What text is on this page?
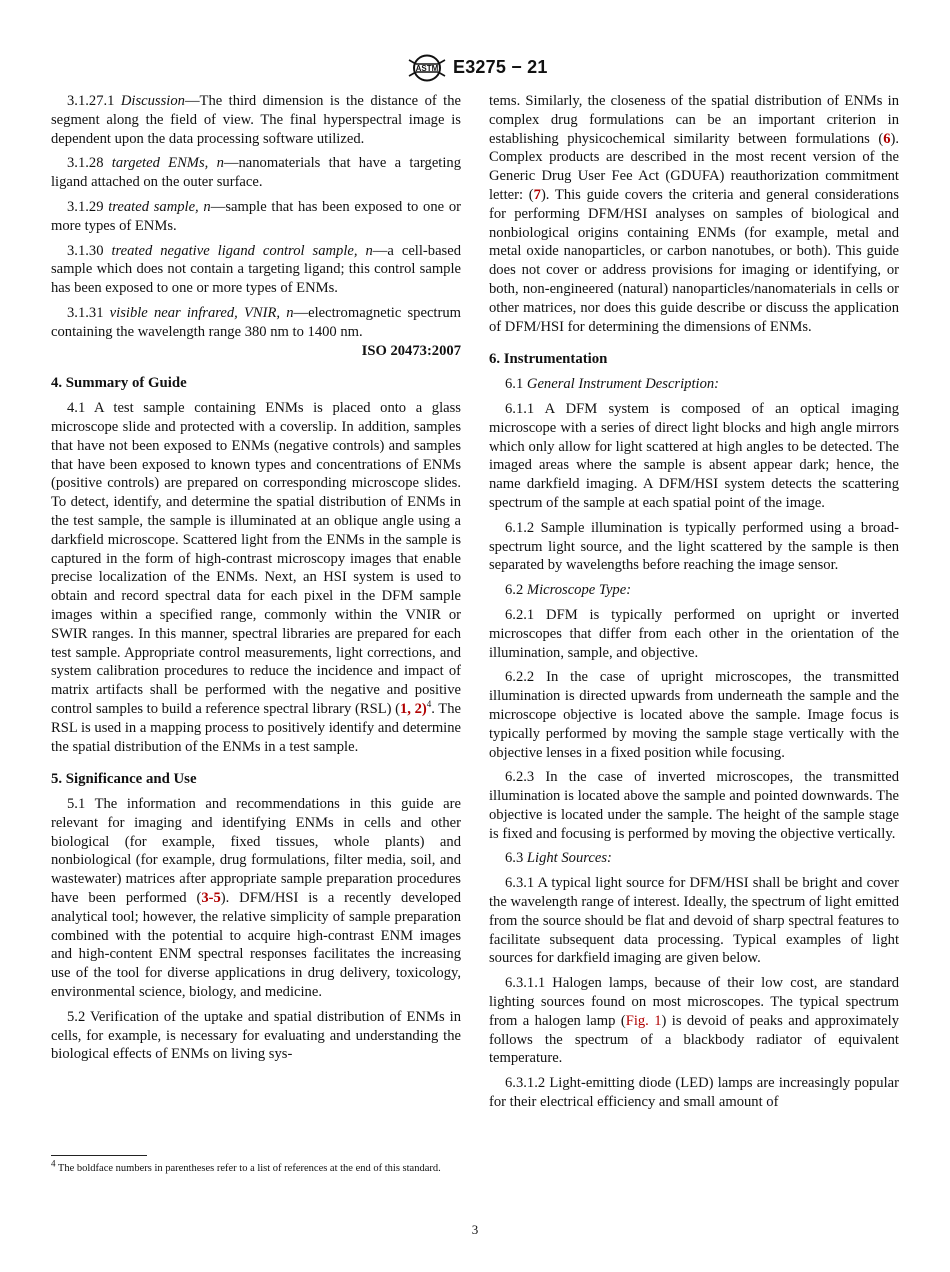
ASTM E3275 − 21

3.1.27.1 Discussion—The third dimension is the distance of the segment along the field of view. The final hyperspectral image is dependent upon the data processing software utilized.

3.1.28 targeted ENMs, n—nanomaterials that have a targeting ligand attached on the outer surface.

3.1.29 treated sample, n—sample that has been exposed to one or more types of ENMs.

3.1.30 treated negative ligand control sample, n—a cell-based sample which does not contain a targeting ligand; this control sample has been exposed to one or more types of ENMs.

3.1.31 visible near infrared, VNIR, n—electromagnetic spectrum containing the wavelength range 380 nm to 1400 nm.

ISO 20473:2007
4. Summary of Guide

4.1 A test sample containing ENMs is placed onto a glass microscope slide and protected with a coverslip. In addition, samples that have not been exposed to ENMs (negative controls) and samples that have been exposed to known types and concentrations of ENMs (positive controls) are prepared on corresponding microscope slides. To detect, identify, and determine the spatial distribution of ENMs in the test sample, the sample is illuminated at an oblique angle using a darkfield microscope. Scattered light from the ENMs in the sample is captured in the form of high-contrast microscopy images that enable precise localization of the ENMs. Next, an HSI system is used to obtain and record spectral data for each pixel in the DFM sample images within a specified range, commonly within the VNIR or SWIR ranges. In this manner, spectral libraries are prepared for each test sample. Appropriate control measurements, light corrections, and system calibration procedures to reduce the incidence and impact of matrix artifacts shall be performed with the negative and positive control samples to build a reference spectral library (RSL) (1, 2)$^4$. The RSL is used in a mapping process to positively identify and determine the spatial distribution of the ENMs in a test sample.

5. Significance and Use

5.1 The information and recommendations in this guide are relevant for imaging and identifying ENMs in cells and other biological (for example, fixed tissues, whole plants) and nonbiological (for example, drug formulations, filter media, soil, and wastewater) matrices after appropriate sample preparation procedures have been performed (3-5). DFM/HSI is a recently developed analytical tool; however, the relative simplicity of sample preparation combined with the potential to acquire high-contrast ENM images and high-content ENM spectral responses facilitates the increasing use of the tool for diverse applications in drug delivery, toxicology, environmental science, biology, and medicine.

5.2 Verification of the uptake and spatial distribution of ENMs in cells, for example, is necessary for evaluating and understanding the biological effects of ENMs on living sys-

tems. Similarly, the closeness of the spatial distribution of ENMs in complex drug formulations can be an important criterion in establishing physicochemical similarity between formulations (6). Complex products are described in the most recent version of the Generic Drug User Fee Act (GDUFA) reauthorization commitment letter: (7). This guide covers the criteria and general considerations for performing DFM/HSI analyses on samples of biological and nonbiological origins containing ENMs (for example, metal and metal oxide nanoparticles, or carbon nanotubes, or both). This guide does not cover or address provisions for imaging or identifying, or both, non-engineered (natural) nanoparticles/nanomaterials in cells or other matrices, nor does this guide describe or discuss the application of DFM/HSI for determining the dimensions of ENMs.

6. Instrumentation

6.1 General Instrument Description:

6.1.1 A DFM system is composed of an optical imaging microscope with a series of direct light blocks and high angle mirrors which only allow for light scattered at high angles to be detected. The imaged areas where the sample is absent appear dark; hence, the name darkfield imaging. A DFM/HSI system detects the scattering spectrum of the sample at each spatial point of the image.

6.1.2 Sample illumination is typically performed using a broad-spectrum light source, and the light scattered by the sample is then separated by wavelengths before reaching the image sensor.

6.2 Microscope Type:

6.2.1 DFM is typically performed on upright or inverted microscopes that differ from each other in the orientation of the illumination, sample, and objective.

6.2.2 In the case of upright microscopes, the transmitted illumination is directed upwards from underneath the sample and the microscope objective is located above the sample. Image focus is typically performed by moving the sample stage vertically with the objective lenses in a fixed position while focusing.

6.2.3 In the case of inverted microscopes, the transmitted illumination is located above the sample and pointed downwards. The objective is located under the sample. The height of the sample stage is fixed and focusing is performed by moving the objective vertically.

6.3 Light Sources:

6.3.1 A typical light source for DFM/HSI shall be bright and cover the wavelength range of interest. Ideally, the spectrum of light emitted from the source should be flat and devoid of sharp spectral features to facilitate subsequent data processing. Typical examples of light sources for darkfield imaging are given below.

6.3.1.1 Halogen lamps, because of their low cost, are standard lighting sources found on most microscopes. The typical spectrum from a halogen lamp (Fig. 1) is devoid of peaks and approximately follows the spectrum of a blackbody radiator of equivalent temperature.

6.3.1.2 Light-emitting diode (LED) lamps are increasingly popular for their electrical efficiency and small amount of

$^4$ The boldface numbers in parentheses refer to a list of references at the end of this standard.
3
